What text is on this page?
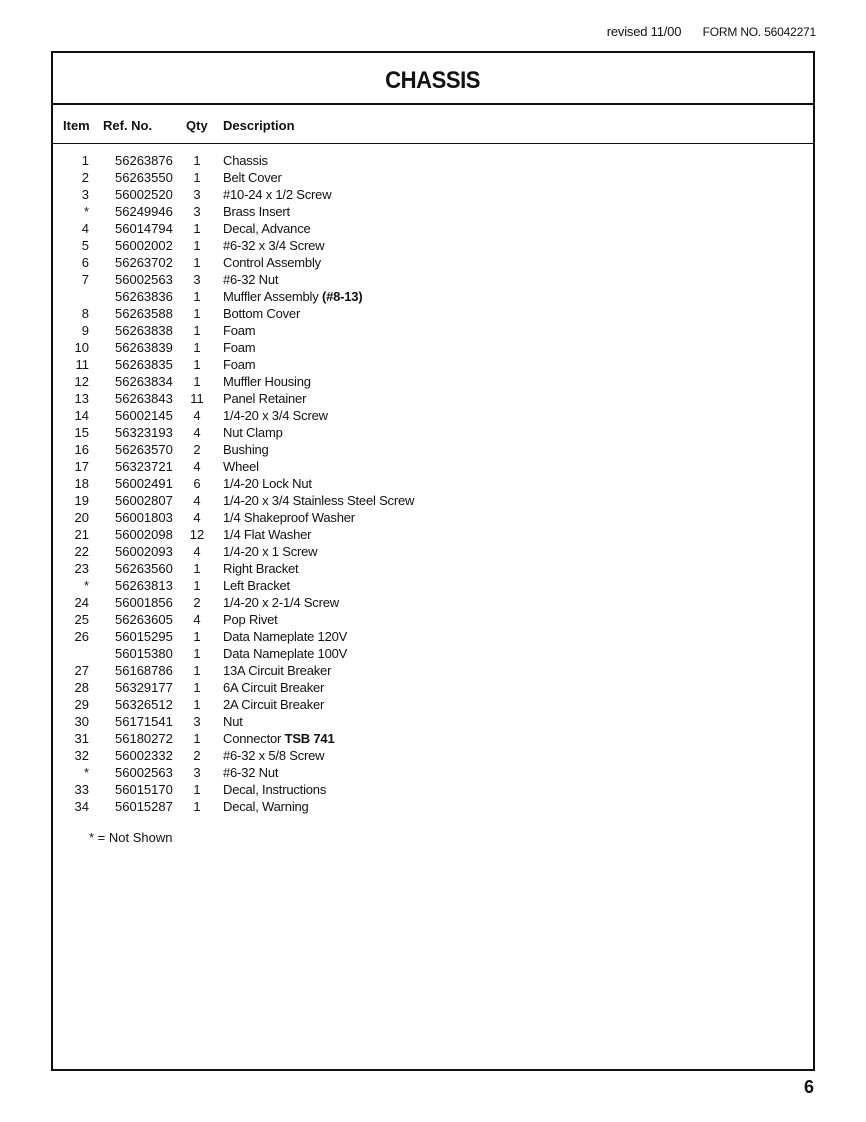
revised 11/00 FORM NO. 56042271
CHASSIS
Item Ref. No.	Qty Description
1 56263876	1	Chassis
2 56263550	1	Belt Cover
3 56002520	3	#10-24 x 1/2 Screw
* 56249946	3	Brass Insert
4 56014794	1	Decal, Advance
5 56002002	1	#6-32 x 3/4 Screw
6 56263702	1	Control Assembly
7 56002563	3	#6-32 Nut
56263836	1	Muffler Assembly (#8-13)
8 56263588	1	Bottom Cover
9 56263838	1	Foam
10 56263839	1	Foam
11 56263835	1	Foam
12 56263834	1	Muffler Housing
13 56263843 11 Panel Retainer
14 56002145	4	1/4-20 x 3/4 Screw
15 56323193	4	Nut Clamp
16 56263570	2	Bushing
17 56323721	4	Wheel
18 56002491	6	1/4-20 Lock Nut
19 56002807	4	1/4-20 x 3/4 Stainless Steel Screw
20 56001803	4	1/4 Shakeproof Washer
21 56002098 12 1/4 Flat Washer
22 56002093	4	1/4-20 x 1 Screw
23 56263560	1	Right Bracket
* 56263813	1	Left Bracket
24 56001856	2	1/4-20 x 2-1/4 Screw
25 56263605	4	Pop Rivet
26 56015295	1	Data Nameplate 120V
56015380	1	Data Nameplate 100V
27 56168786	1	13A Circuit Breaker
28 56329177	1	6A Circuit Breaker
29 56326512	1	2A Circuit Breaker
30 56171541	3	Nut
31 56180272	1	Connector TSB 741
32 56002332	2	#6-32 x 5/8 Screw
* 56002563	3	#6-32 Nut
33 56015170	1	Decal, Instructions
34 56015287	1	Decal, Warning
* = Not Shown
6
